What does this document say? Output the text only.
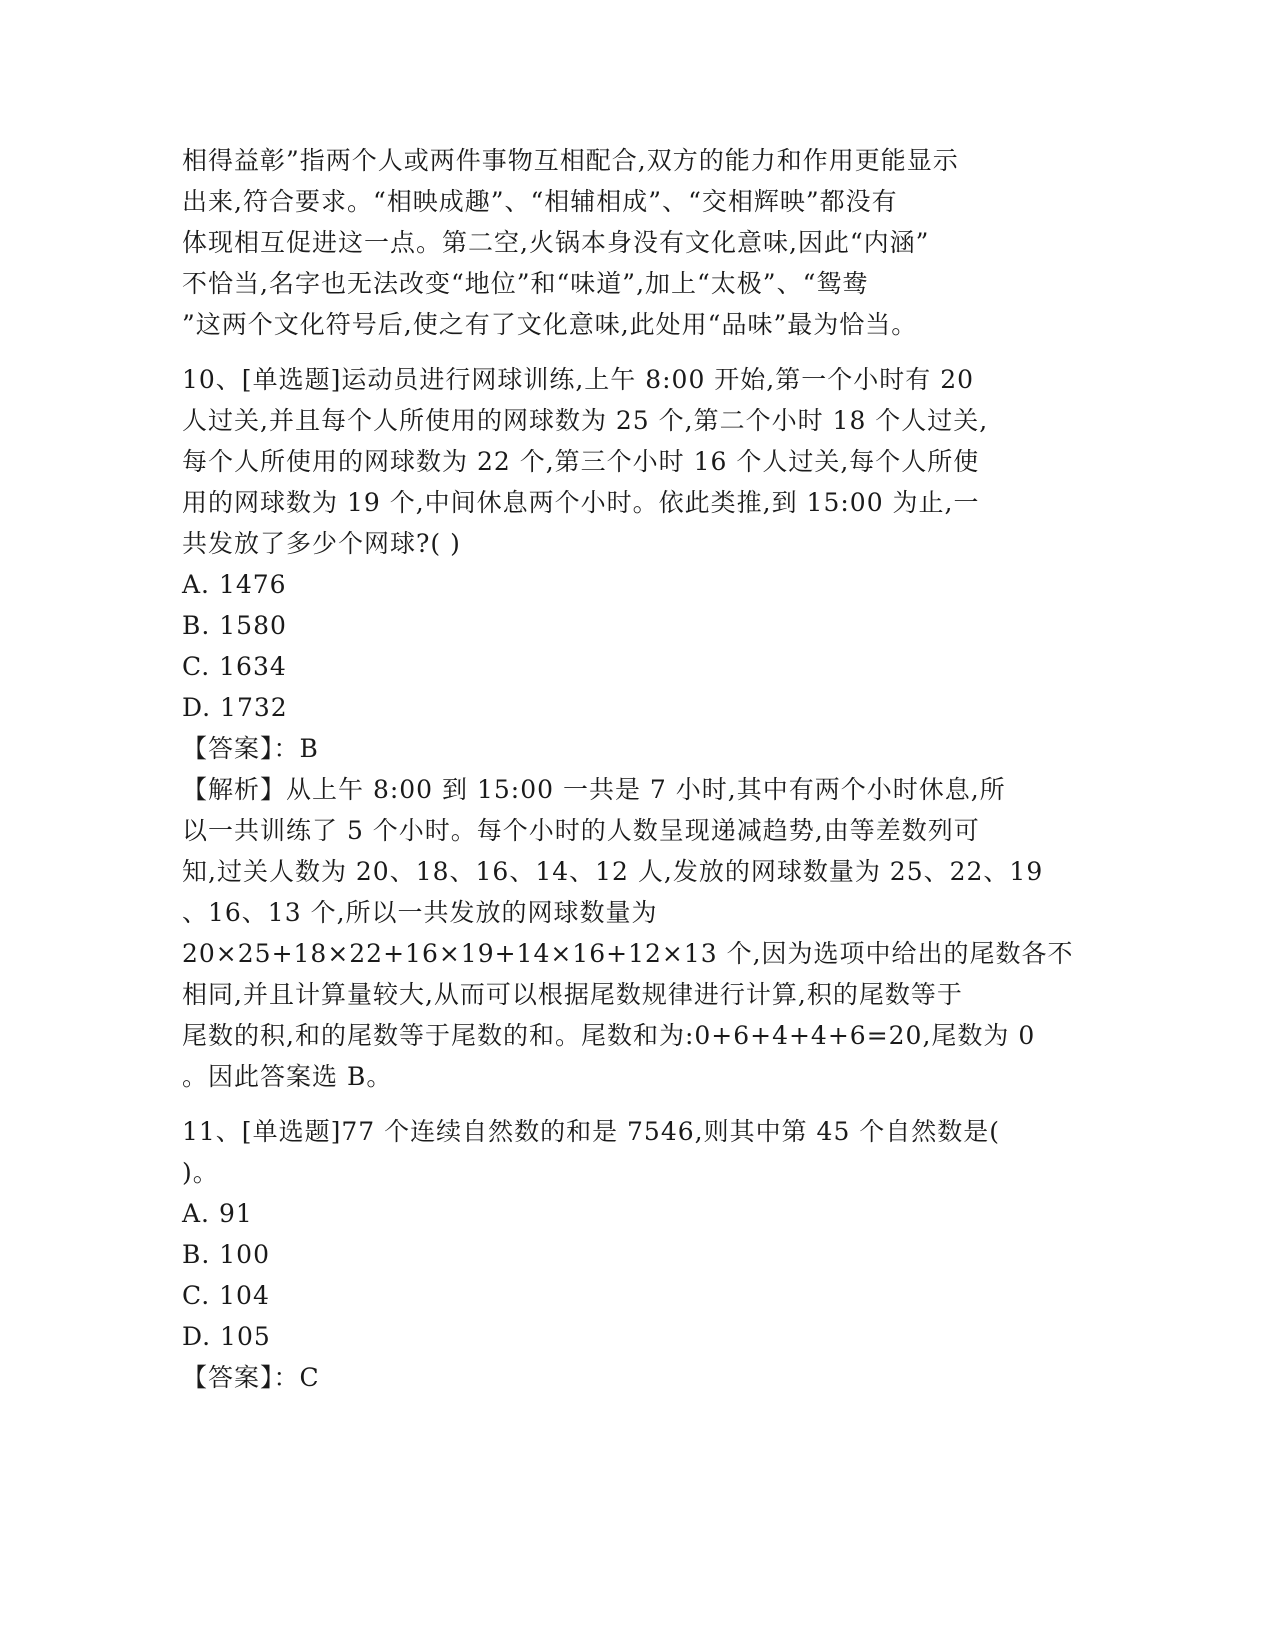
相得益彰”指两个人或两件事物互相配合,双方的能力和作用更能显示
出来,符合要求。“相映成趣”、“相辅相成”、“交相辉映”都没有
体现相互促进这一点。第二空,火锅本身没有文化意味,因此“内涵”
不恰当,名字也无法改变“地位”和“味道”,加上“太极”、“鸳鸯
”这两个文化符号后,使之有了文化意味,此处用“品味”最为恰当。
10、[单选题]运动员进行网球训练,上午 8:00 开始,第一个小时有 20
人过关,并且每个人所使用的网球数为 25 个,第二个小时 18 个人过关,
每个人所使用的网球数为 22 个,第三个小时 16 个人过关,每个人所使
用的网球数为 19 个,中间休息两个小时。依此类推,到 15:00 为止,一
共发放了多少个网球?( )
A. 1476
B. 1580
C. 1634
D. 1732
【答案】：B
【解析】从上午 8:00 到 15:00 一共是 7 小时,其中有两个小时休息,所
以一共训练了 5 个小时。每个小时的人数呈现递减趋势,由等差数列可
知,过关人数为 20、18、16、14、12 人,发放的网球数量为 25、22、19
、16、13 个,所以一共发放的网球数量为
20×25+18×22+16×19+14×16+12×13 个,因为选项中给出的尾数各不
相同,并且计算量较大,从而可以根据尾数规律进行计算,积的尾数等于
尾数的积,和的尾数等于尾数的和。尾数和为:0+6+4+4+6=20,尾数为 0
。因此答案选 B。
11、[单选题]77 个连续自然数的和是 7546,则其中第 45 个自然数是(
)。
A. 91
B. 100
C. 104
D. 105
【答案】：C
